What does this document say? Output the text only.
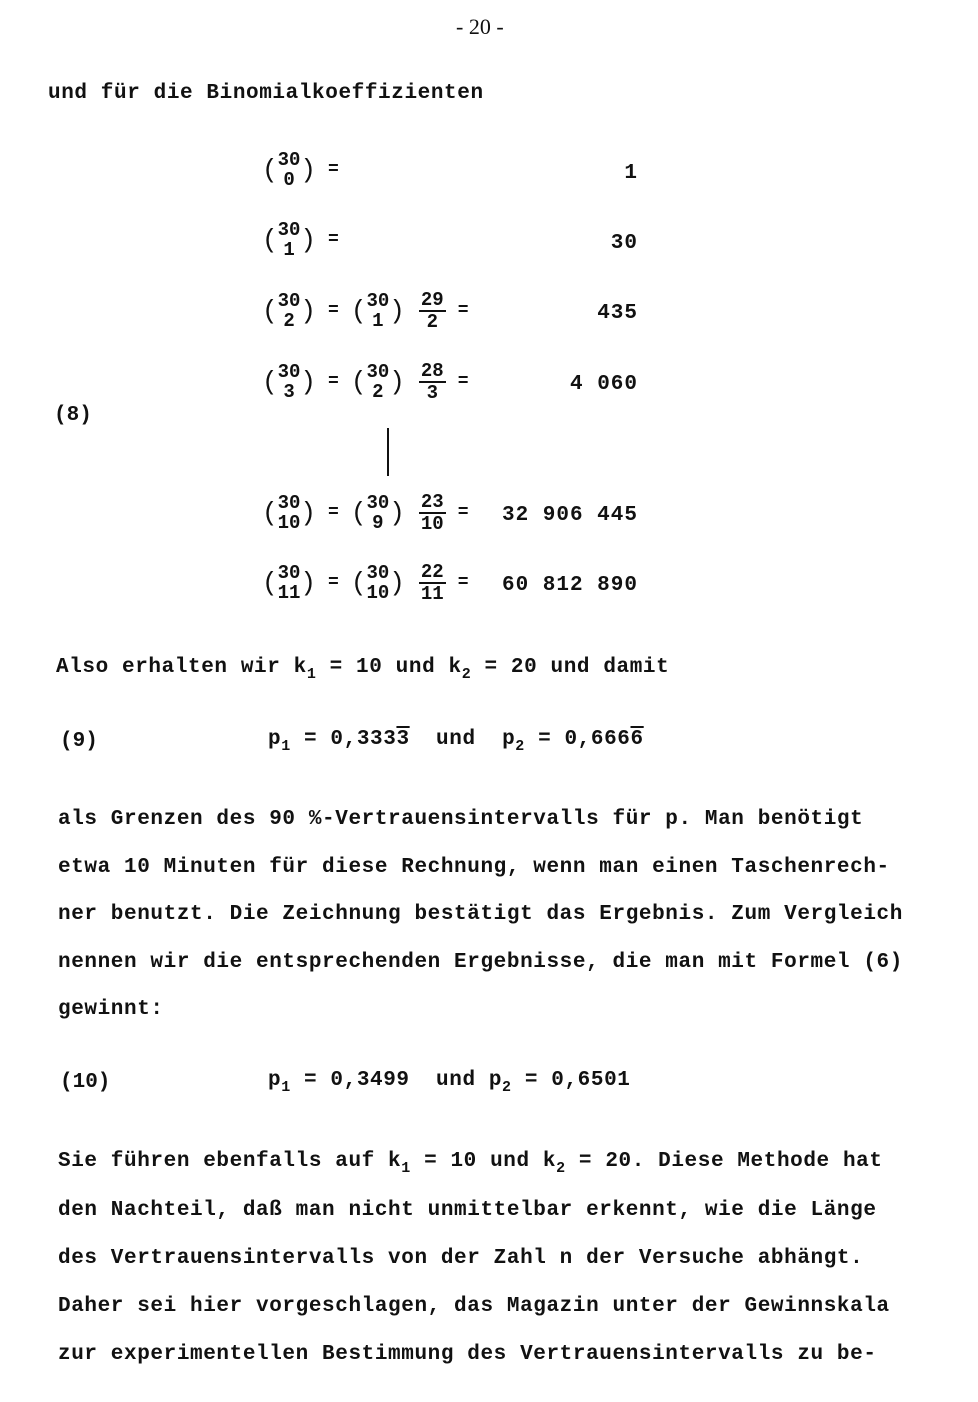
- 20 -
und für die Binomialkoeffizienten
(8)
( 30
0 ) =	1
( 30
1 ) =	30
( 30
2 ) = ( 30
1 ) $\frac{29}{2}$ =	435
( 30
3 ) = ( 30
2 ) $\frac{28}{3}$ =	4 060
( 30
10 ) = ( 30
9 ) $\frac{23}{10}$ =	32 906 445
( 30
11 ) = ( 30
10 ) $\frac{22}{11}$ =	60 812 890
Also erhalten wir $k_1 = 10$ und $k_2 = 20$ und damit
(9)	$p_1 = 0,3333$  und  $p_2 = 0,6666$
als Grenzen des 90 %-Vertrauensintervalls für p. Man benötigt
etwa 10 Minuten für diese Rechnung, wenn man einen Taschenrech-
ner benutzt. Die Zeichnung bestätigt das Ergebnis. Zum Vergleich
nennen wir die entsprechenden Ergebnisse, die man mit Formel (6)
gewinnt:
(10)	$p_1 = 0,3499$  und $p_2 = 0,6501$
Sie führen ebenfalls auf $k_1 = 10$ und $k_2 = 20$. Diese Methode hat
den Nachteil, daß man nicht unmittelbar erkennt, wie die Länge
des Vertrauensintervalls von der Zahl n der Versuche abhängt.
Daher sei hier vorgeschlagen, das Magazin unter der Gewinnskala
zur experimentellen Bestimmung des Vertrauensintervalls zu be-
